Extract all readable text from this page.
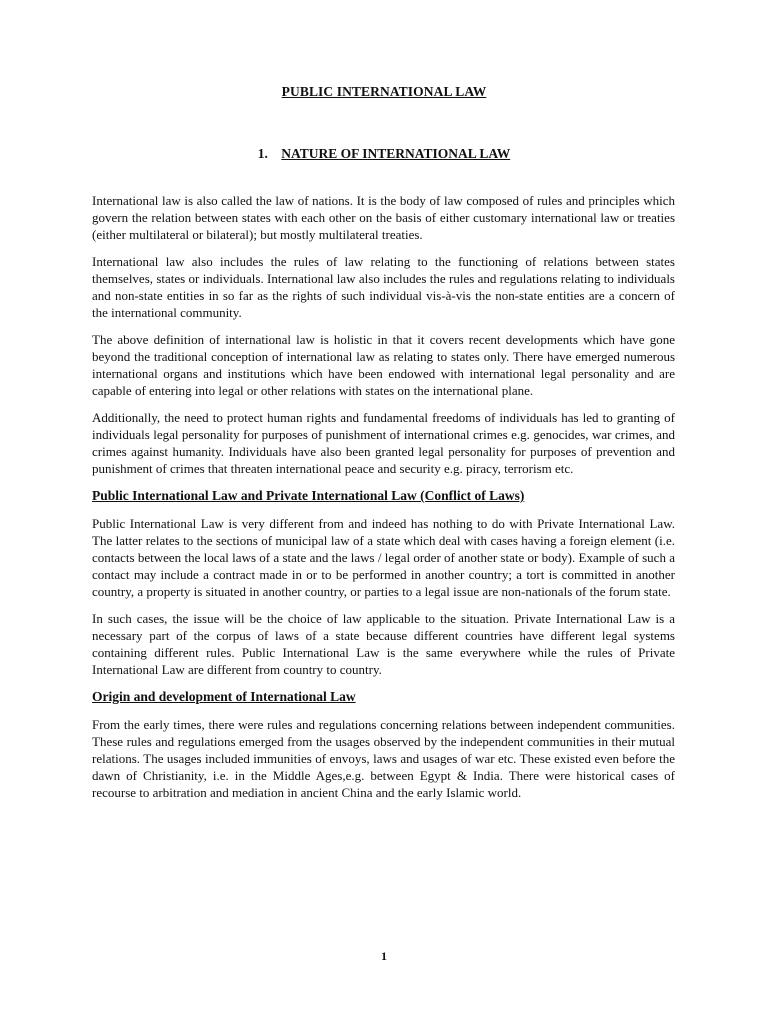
PUBLIC INTERNATIONAL LAW
1. NATURE OF INTERNATIONAL LAW

International law is also called the law of nations. It is the body of law composed of rules and principles which govern the relation between states with each other on the basis of either customary international law or treaties (either multilateral or bilateral); but mostly multilateral treaties.

International law also includes the rules of law relating to the functioning of relations between states themselves, states or individuals. International law also includes the rules and regulations relating to individuals and non-state entities in so far as the rights of such individual vis-à-vis the non-state entities are a concern of the international community.

The above definition of international law is holistic in that it covers recent developments which have gone beyond the traditional conception of international law as relating to states only. There have emerged numerous international organs and institutions which have been endowed with international legal personality and are capable of entering into legal or other relations with states on the international plane.

Additionally, the need to protect human rights and fundamental freedoms of individuals has led to granting of individuals legal personality for purposes of punishment of international crimes e.g. genocides, war crimes, and crimes against humanity. Individuals have also been granted legal personality for purposes of prevention and punishment of crimes that threaten international peace and security e.g. piracy, terrorism etc.

Public International Law and Private International Law (Conflict of Laws)

Public International Law is very different from and indeed has nothing to do with Private International Law. The latter relates to the sections of municipal law of a state which deal with cases having a foreign element (i.e. contacts between the local laws of a state and the laws / legal order of another state or body). Example of such a contact may include a contract made in or to be performed in another country; a tort is committed in another country, a property is situated in another country, or parties to a legal issue are non-nationals of the forum state.

In such cases, the issue will be the choice of law applicable to the situation. Private International Law is a necessary part of the corpus of laws of a state because different countries have different legal systems containing different rules. Public International Law is the same everywhere while the rules of Private International Law are different from country to country.

Origin and development of International Law

From the early times, there were rules and regulations concerning relations between independent communities. These rules and regulations emerged from the usages observed by the independent communities in their mutual relations. The usages included immunities of envoys, laws and usages of war etc. These existed even before the dawn of Christianity, i.e. in the Middle Ages,e.g. between Egypt & India. There were historical cases of recourse to arbitration and mediation in ancient China and the early Islamic world.

1
